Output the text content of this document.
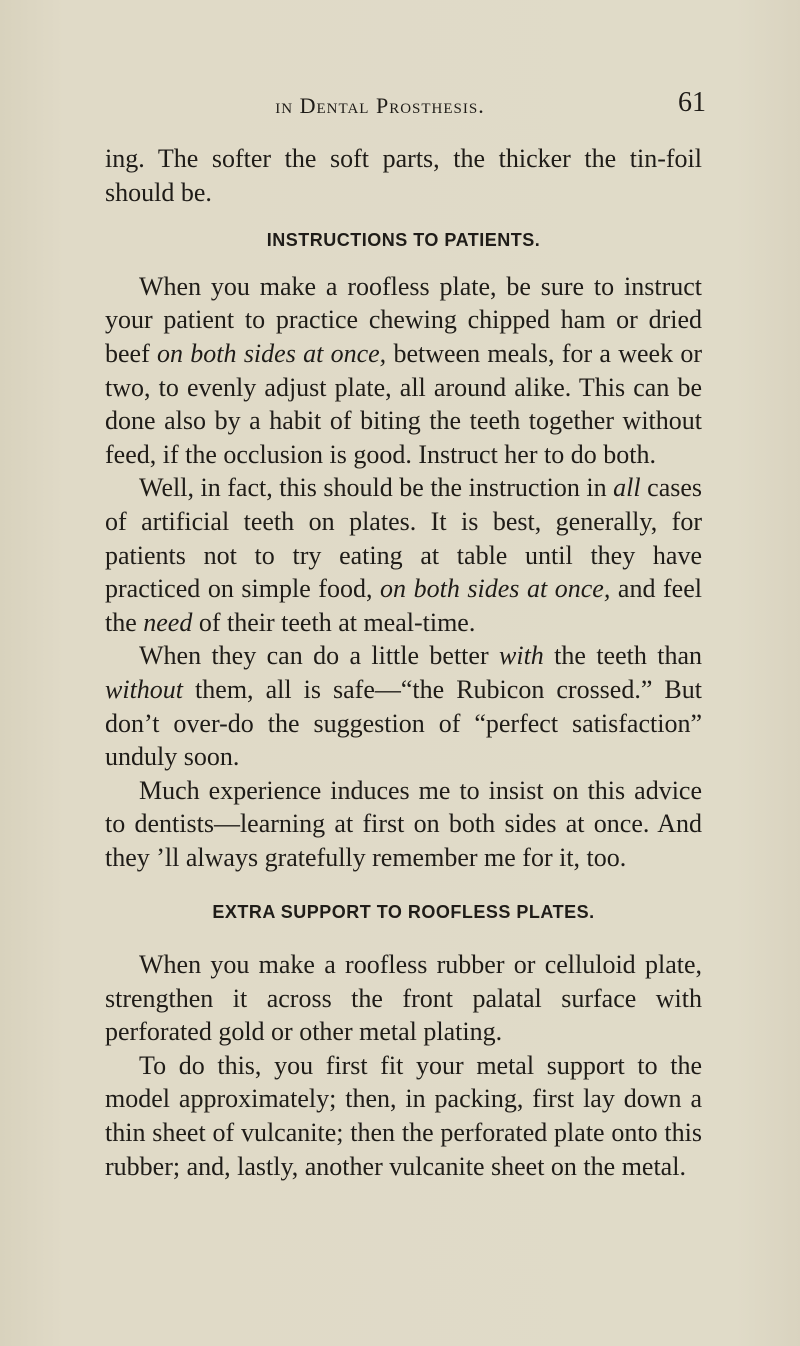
in Dental Prosthesis.	61

ing. The softer the soft parts, the thicker the tin-foil should be.

INSTRUCTIONS TO PATIENTS.

When you make a roofless plate, be sure to instruct your patient to practice chewing chipped ham or dried beef on both sides at once, between meals, for a week or two, to evenly adjust plate, all around alike. This can be done also by a habit of biting the teeth together without feed, if the occlusion is good. Instruct her to do both.

Well, in fact, this should be the instruction in all cases of artificial teeth on plates. It is best, generally, for patients not to try eating at table until they have practiced on simple food, on both sides at once, and feel the need of their teeth at meal-time.

When they can do a little better with the teeth than without them, all is safe—“the Rubicon crossed.” But don’t over-do the suggestion of “perfect satisfaction” unduly soon.

Much experience induces me to insist on this advice to dentists—learning at first on both sides at once. And they ’ll always gratefully remember me for it, too.

EXTRA SUPPORT TO ROOFLESS PLATES.

When you make a roofless rubber or celluloid plate, strengthen it across the front palatal surface with perforated gold or other metal plating.

To do this, you first fit your metal support to the model approximately; then, in packing, first lay down a thin sheet of vulcanite; then the perforated plate onto this rubber; and, lastly, another vulcanite sheet on the metal.
